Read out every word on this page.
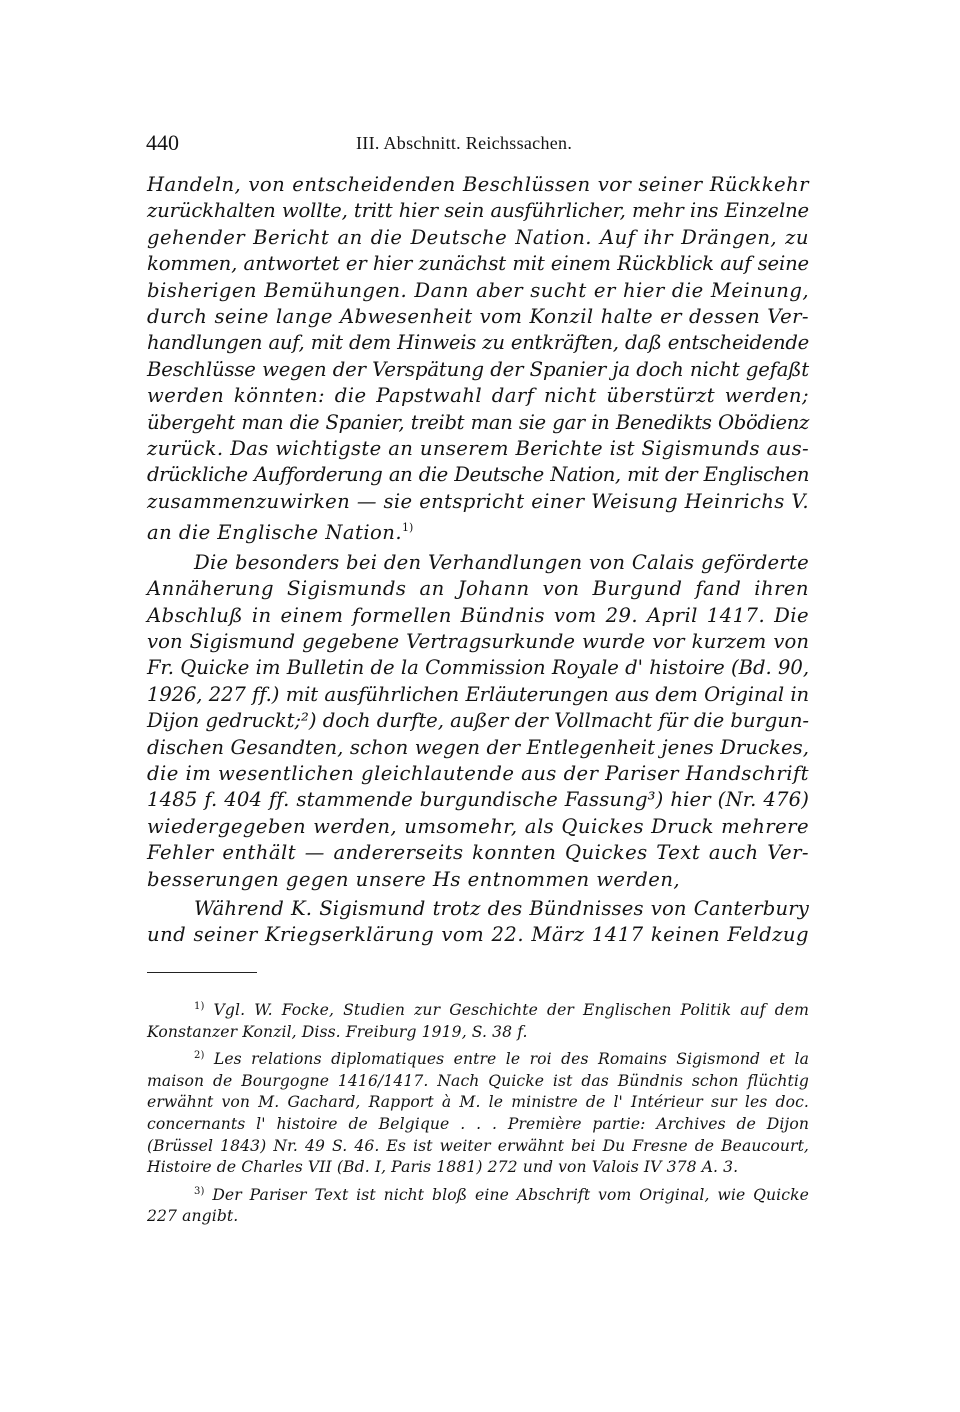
440	III. Abschnitt. Reichssachen.

Handeln, von entscheidenden Beschlüssen vor seiner Rückkehr
zurückhalten wollte, tritt hier sein ausführlicher, mehr ins Einzelne
gehender Bericht an die Deutsche Nation. Auf ihr Drängen, zu
kommen, antwortet er hier zunächst mit einem Rückblick auf seine
bisherigen Bemühungen. Dann aber sucht er hier die Meinung,
durch seine lange Abwesenheit vom Konzil halte er dessen Ver-
handlungen auf, mit dem Hinweis zu entkräften, daß entscheidende
Beschlüsse wegen der Verspätung der Spanier ja doch nicht gefaßt
werden könnten: die Papstwahl darf nicht überstürzt werden;
übergeht man die Spanier, treibt man sie gar in Benedikts Obödienz
zurück. Das wichtigste an unserem Berichte ist Sigismunds aus-
drückliche Aufforderung an die Deutsche Nation, mit der Englischen
zusammenzuwirken — sie entspricht einer Weisung Heinrichs V.
an die Englische Nation.$^{1)}$

Die besonders bei den Verhandlungen von Calais geförderte
Annäherung Sigismunds an Johann von Burgund fand ihren
Abschluß in einem formellen Bündnis vom 29. April 1417. Die
von Sigismund gegebene Vertragsurkunde wurde vor kurzem von
Fr. Quicke im Bulletin de la Commission Royale d' histoire (Bd. 90,
1926, 227 ff.) mit ausführlichen Erläuterungen aus dem Original in
Dijon gedruckt;²) doch durfte, außer der Vollmacht für die burgun-
dischen Gesandten, schon wegen der Entlegenheit jenes Druckes,
die im wesentlichen gleichlautende aus der Pariser Handschrift
1485 f. 404 ff. stammende burgundische Fassung³) hier (Nr. 476)
wiedergegeben werden, umsomehr, als Quickes Druck mehrere
Fehler enthält — andererseits konnten Quickes Text auch Ver-
besserungen gegen unsere Hs entnommen werden,

Während K. Sigismund trotz des Bündnisses von Canterbury
und seiner Kriegserklärung vom 22. März 1417 keinen Feldzug

$^{1)}$ Vgl. W. Focke, Studien zur Geschichte der Englischen Politik auf dem Konstanzer Konzil, Diss. Freiburg 1919, S. 38 f.

$^{2)}$ Les relations diplomatiques entre le roi des Romains Sigismond et la maison de Bourgogne 1416/1417. Nach Quicke ist das Bündnis schon flüchtig erwähnt von M. Gachard, Rapport à M. le ministre de l' Intérieur sur les doc. concernants l' histoire de Belgique . . . Première partie: Archives de Dijon (Brüssel 1843) Nr. 49 S. 46. Es ist weiter erwähnt bei Du Fresne de Beaucourt, Histoire de Charles VII (Bd. I, Paris 1881) 272 und von Valois IV 378 A. 3.

$^{3)}$ Der Pariser Text ist nicht bloß eine Abschrift vom Original, wie Quicke 227 angibt.
